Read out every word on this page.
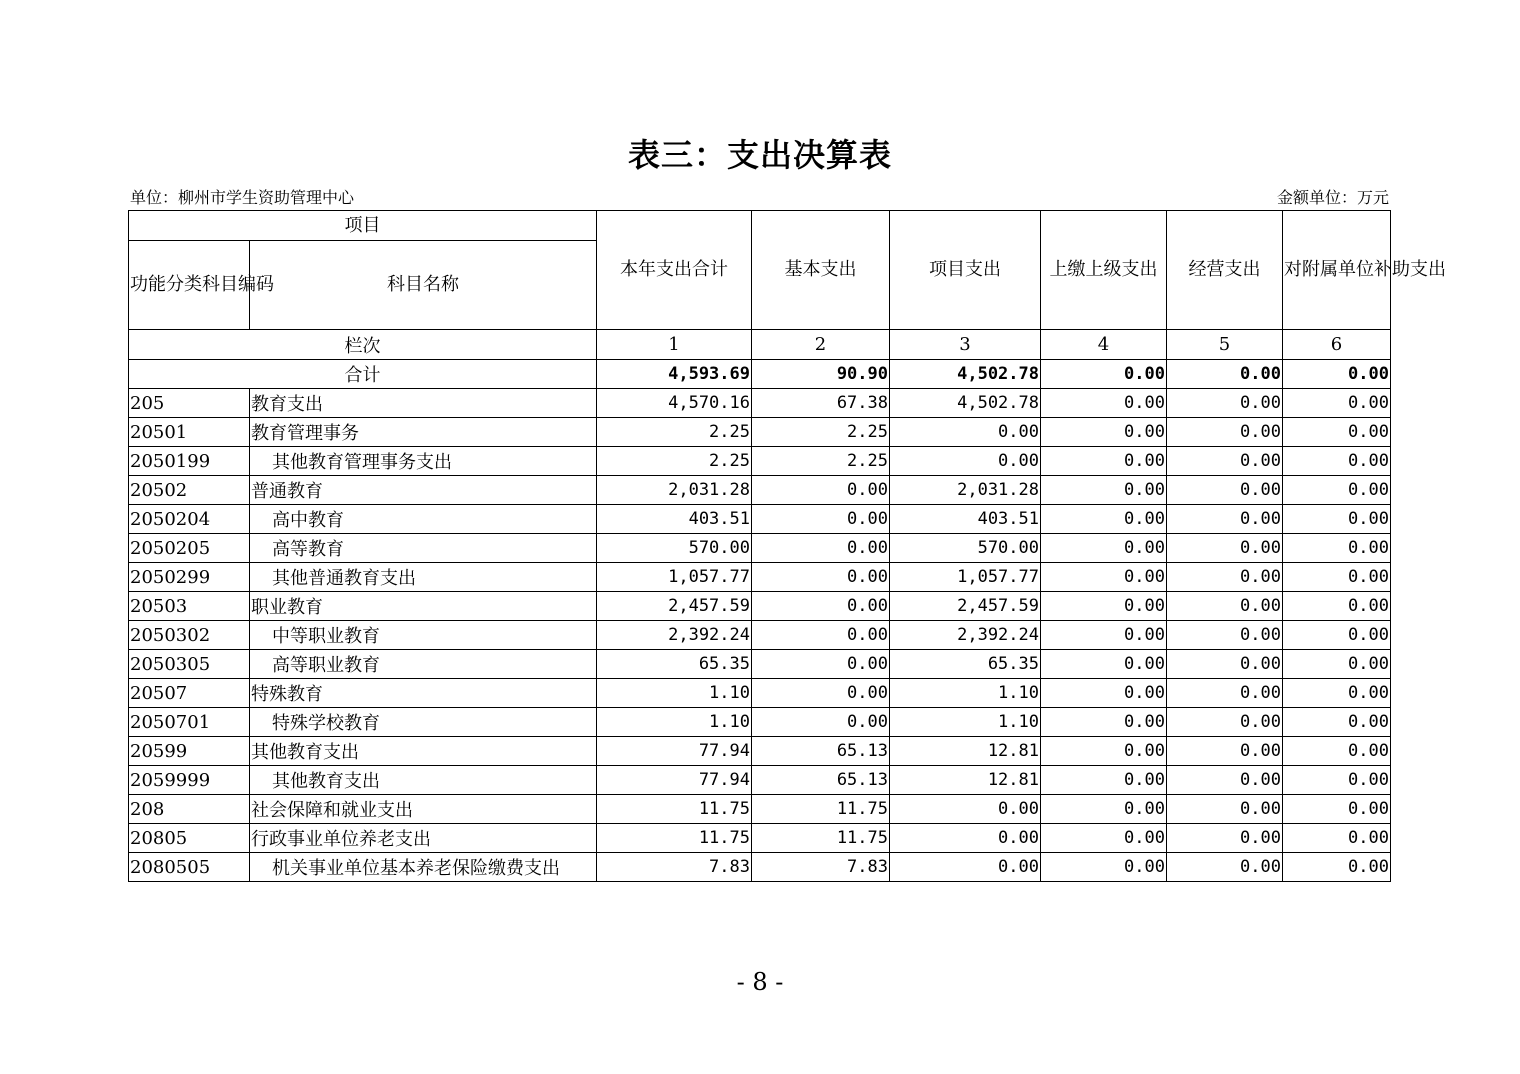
表三：支出决算表
单位：柳州市学生资助管理中心	金额单位：万元
项目		本年支出合计	基本支出	项目支出	上缴上级支出	经营支出	对附属单位补助支出
功能分类科目编码	科目名称						
栏次		1	2	3	4	5	6
合计		4,593.69	90.90	4,502.78	0.00	0.00	0.00
205	教育支出	4,570.16	67.38	4,502.78	0.00	0.00	0.00
20501	教育管理事务	2.25	2.25	0.00	0.00	0.00	0.00
2050199	其他教育管理事务支出	2.25	2.25	0.00	0.00	0.00	0.00
20502	普通教育	2,031.28	0.00	2,031.28	0.00	0.00	0.00
2050204	高中教育	403.51	0.00	403.51	0.00	0.00	0.00
2050205	高等教育	570.00	0.00	570.00	0.00	0.00	0.00
2050299	其他普通教育支出	1,057.77	0.00	1,057.77	0.00	0.00	0.00
20503	职业教育	2,457.59	0.00	2,457.59	0.00	0.00	0.00
2050302	中等职业教育	2,392.24	0.00	2,392.24	0.00	0.00	0.00
2050305	高等职业教育	65.35	0.00	65.35	0.00	0.00	0.00
20507	特殊教育	1.10	0.00	1.10	0.00	0.00	0.00
2050701	特殊学校教育	1.10	0.00	1.10	0.00	0.00	0.00
20599	其他教育支出	77.94	65.13	12.81	0.00	0.00	0.00
2059999	其他教育支出	77.94	65.13	12.81	0.00	0.00	0.00
208	社会保障和就业支出	11.75	11.75	0.00	0.00	0.00	0.00
20805	行政事业单位养老支出	11.75	11.75	0.00	0.00	0.00	0.00
2080505	机关事业单位基本养老保险缴费支出	7.83	7.83	0.00	0.00	0.00	0.00
- 8 -
